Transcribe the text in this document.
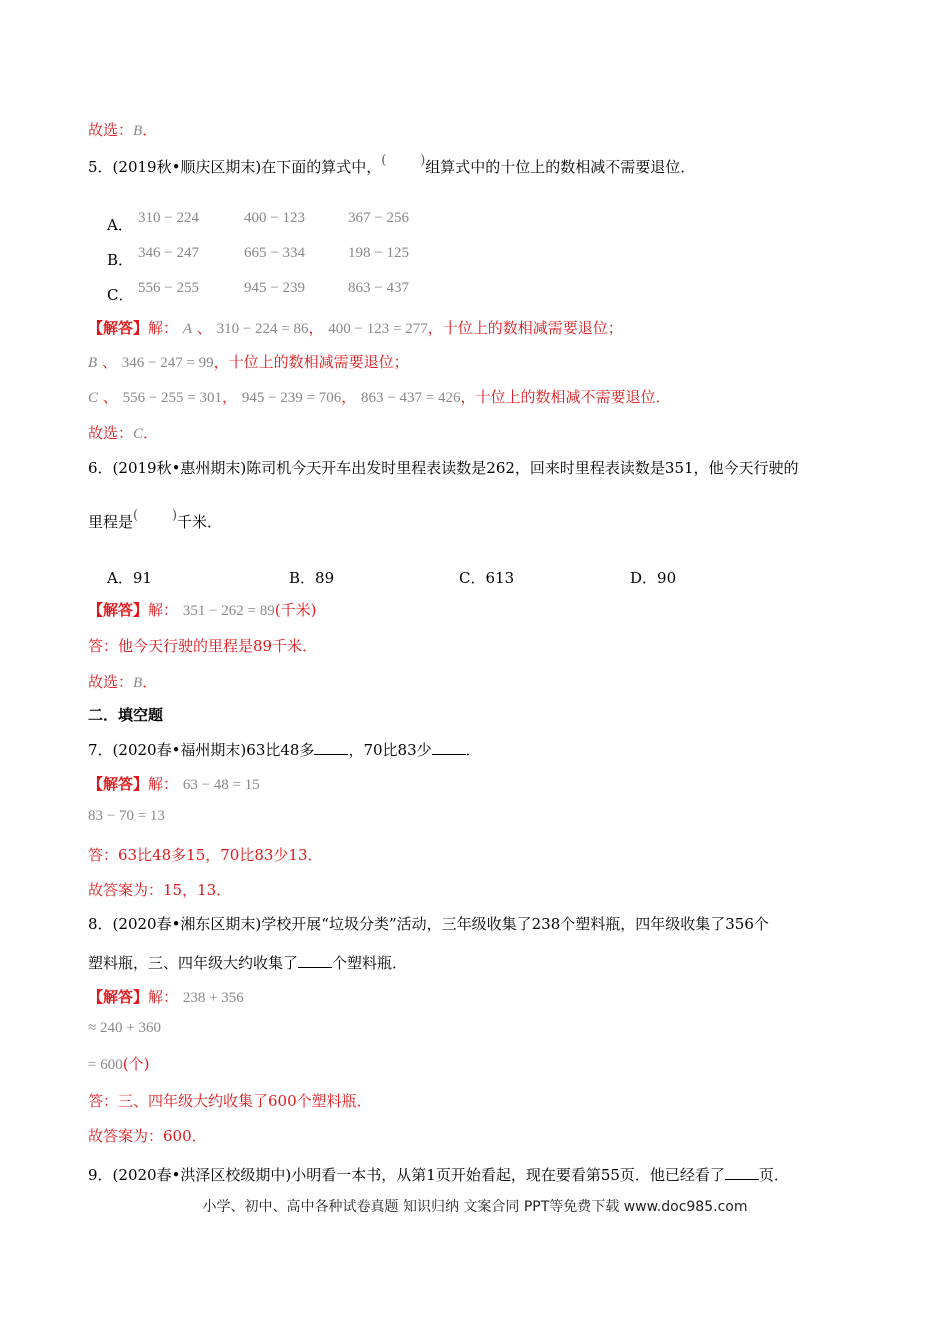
故选：B．
5．(2019秋•顺庆区期末)在下面的算式中，(	) 组算式中的十位上的数相减不需要退位．
A． 310 − 224	400 − 123	367 − 256
B． 346 − 247	665 − 334	198 − 125
C． 556 − 255	945 − 239	863 − 437
【解答】解： A 、 310 − 224 = 86， 400 − 123 = 277，十位上的数相减需要退位；
B 、 346 − 247 = 99，十位上的数相减需要退位；
C 、 556 − 255 = 301， 945 − 239 = 706， 863 − 437 = 426，十位上的数相减不需要退位．
故选：C．
6．(2019秋•惠州期末)陈司机今天开车出发时里程表读数是262，回来时里程表读数是351，他今天行驶的
里程是(	) 千米．
A．91	B．89	C．613	D．90
【解答】解： 351 − 262 = 89(千米)
答：他今天行驶的里程是89千米．
故选：B．
二．填空题
7．(2020春•福州期末)63比48多 ，70比83少 ．
【解答】解： 63 − 48 = 15
83 − 70 = 13
答：63比48多15，70比83少13．
故答案为：15，13．
8．(2020春•湘东区期末)学校开展“垃圾分类”活动，三年级收集了238个塑料瓶，四年级收集了356个
塑料瓶，三、四年级大约收集了 个塑料瓶．
【解答】解： 238 + 356
≈ 240 + 360
= 600(个)
答：三、四年级大约收集了600个塑料瓶．
故答案为：600．
9．(2020春•洪泽区校级期中)小明看一本书，从第1页开始看起，现在要看第55页．他已经看了 页．
小学、初中、高中各种试卷真题 知识归纳 文案合同 PPT等免费下载 www.doc985.com
